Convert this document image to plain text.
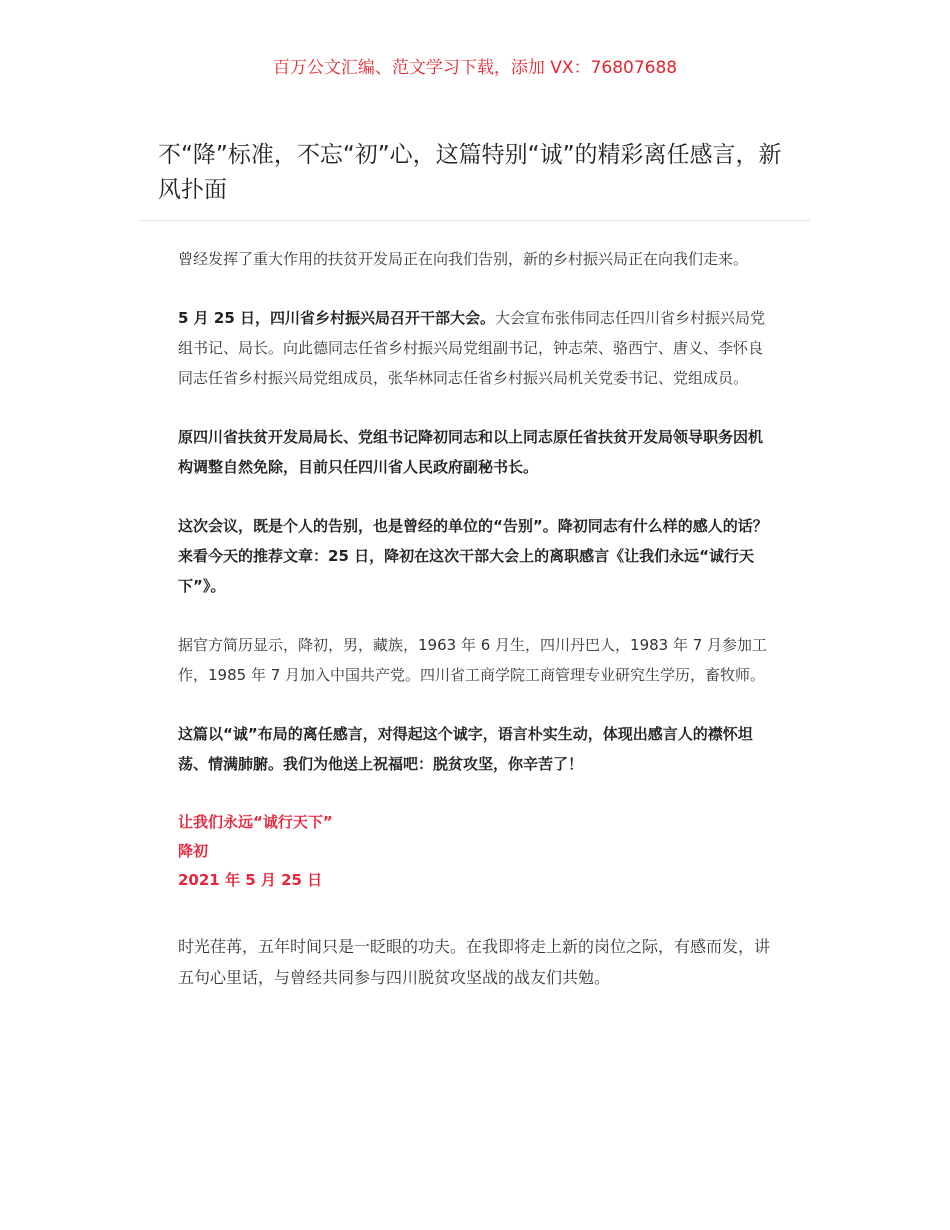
百万公文汇编、范文学习下载，添加 VX：76807688
不“降”标准，不忘“初”心，这篇特别“诚”的精彩离任感言，新风扑面

曾经发挥了重大作用的扶贫开发局正在向我们告别，新的乡村振兴局正在向我们走来。

5 月 25 日，四川省乡村振兴局召开干部大会。大会宣布张伟同志任四川省乡村振兴局党组书记、局长。向此德同志任省乡村振兴局党组副书记，钟志荣、骆西宁、唐义、李怀良同志任省乡村振兴局党组成员，张华林同志任省乡村振兴局机关党委书记、党组成员。

原四川省扶贫开发局局长、党组书记降初同志和以上同志原任省扶贫开发局领导职务因机构调整自然免除，目前只任四川省人民政府副秘书长。

这次会议，既是个人的告别，也是曾经的单位的“告别”。降初同志有什么样的感人的话？来看今天的推荐文章：25 日，降初在这次干部大会上的离职感言《让我们永远“诚行天下”》。

据官方简历显示，降初，男，藏族，1963 年 6 月生，四川丹巴人，1983 年 7 月参加工作，1985 年 7 月加入中国共产党。四川省工商学院工商管理专业研究生学历，畜牧师。

这篇以“诚”布局的离任感言，对得起这个诚字，语言朴实生动，体现出感言人的襟怀坦荡、情满肺腑。我们为他送上祝福吧：脱贫攻坚，你辛苦了！

让我们永远“诚行天下”

降初

2021 年 5 月 25 日

时光荏苒，五年时间只是一眨眼的功夫。在我即将走上新的岗位之际，有感而发，讲五句心里话，与曾经共同参与四川脱贫攻坚战的战友们共勉。
